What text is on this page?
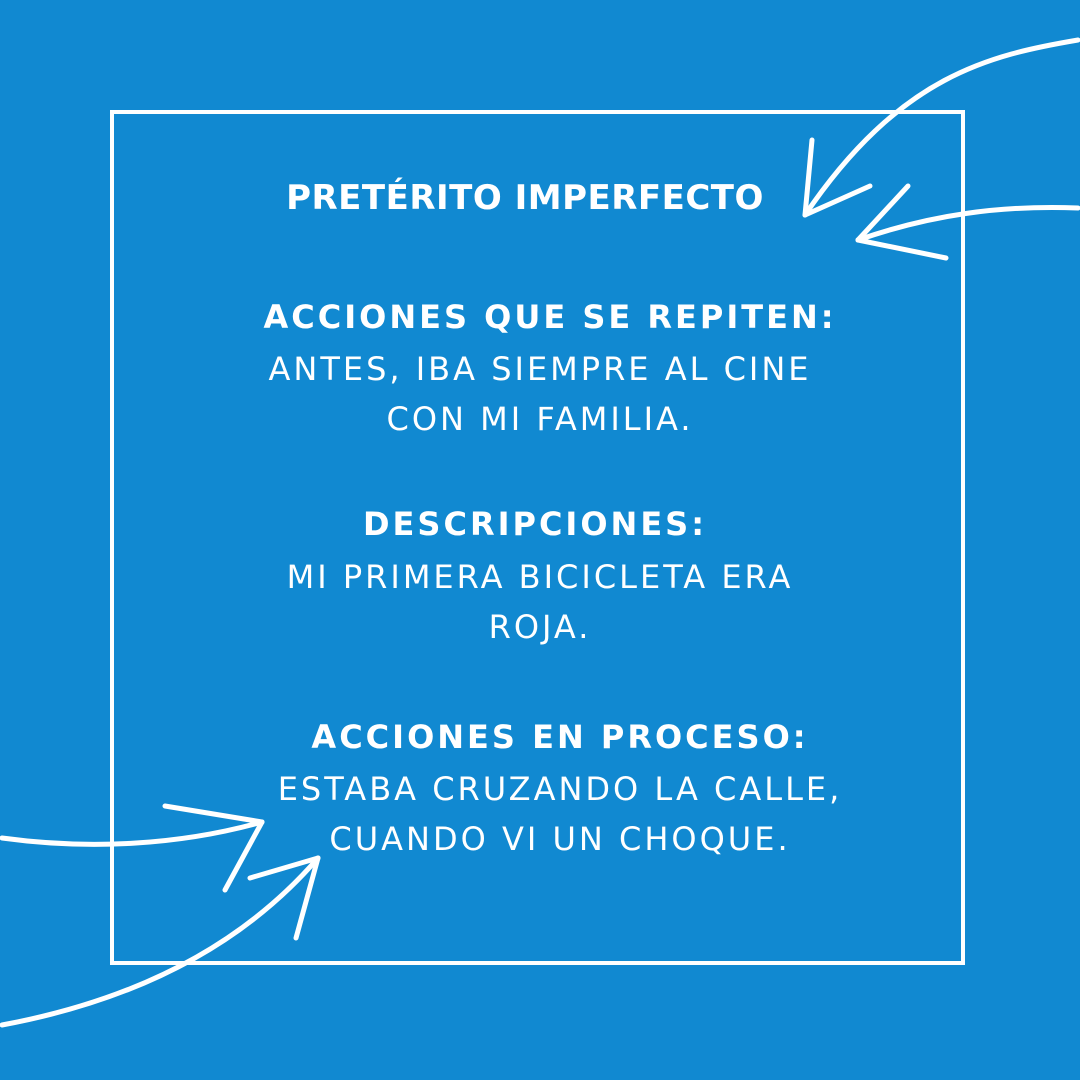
PRETÉRITO IMPERFECTO
ACCIONES QUE SE REPITEN:
ANTES, IBA SIEMPRE AL CINE
CON MI FAMILIA.
DESCRIPCIONES:
MI PRIMERA BICICLETA ERA
ROJA.
ACCIONES EN PROCESO:
ESTABA CRUZANDO LA CALLE,
CUANDO VI UN CHOQUE.
